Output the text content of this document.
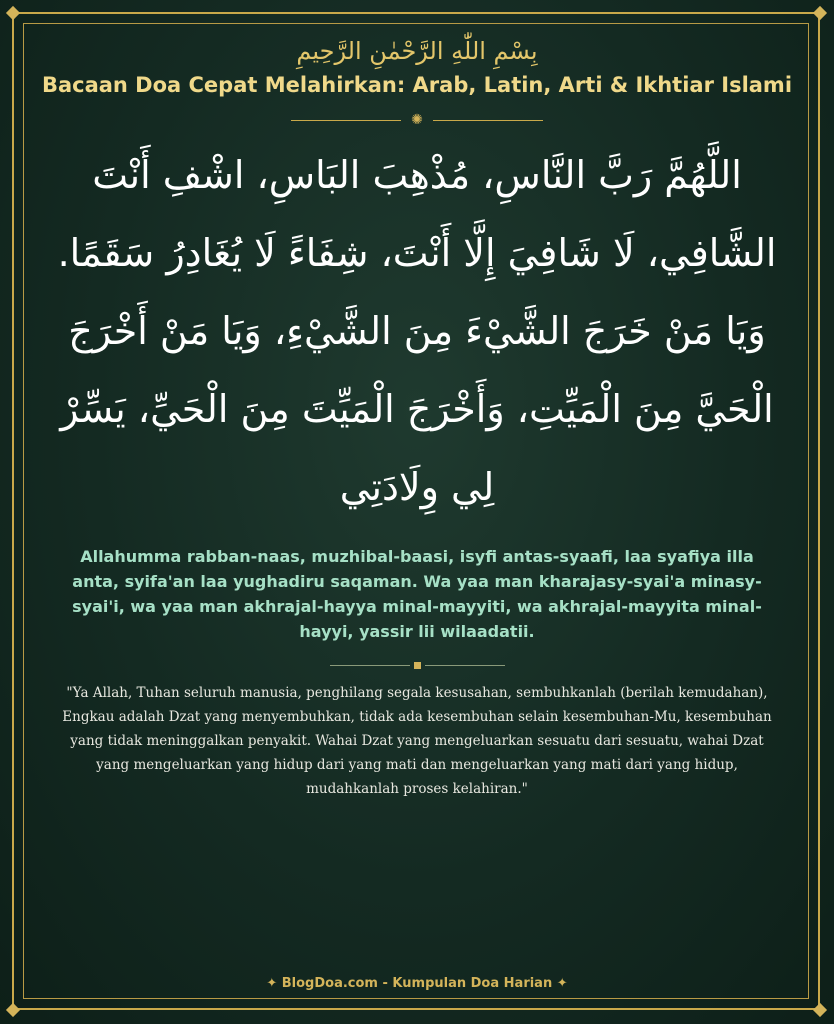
بِسْمِ اللّٰهِ الرَّحْمٰنِ الرَّحِيمِ
Bacaan Doa Cepat Melahirkan: Arab, Latin, Arti & Ikhtiar Islami
✺
اللَّهُمَّ رَبَّ النَّاسِ، مُذْهِبَ البَاسِ، اشْفِ أَنْتَ الشَّافِي، لَا شَافِيَ إِلَّا أَنْتَ، شِفَاءً لَا يُغَادِرُ سَقَمًا. وَيَا مَنْ خَرَجَ الشَّيْءَ مِنَ الشَّيْءِ، وَيَا مَنْ أَخْرَجَ الْحَيَّ مِنَ الْمَيِّتِ، وَأَخْرَجَ الْمَيِّتَ مِنَ الْحَيِّ، يَسِّرْ لِي وِلَادَتِي
Allahumma rabban-naas, muzhibal-baasi, isyfi antas-syaafi, laa syafiya illa anta, syifa'an laa yughadiru saqaman. Wa yaa man kharajasy-syai'a minasy-syai'i, wa yaa man akhrajal-hayya minal-mayyiti, wa akhrajal-mayyita minal-hayyi, yassir lii wilaadatii.
"Ya Allah, Tuhan seluruh manusia, penghilang segala kesusahan, sembuhkanlah (berilah kemudahan), Engkau adalah Dzat yang menyembuhkan, tidak ada kesembuhan selain kesembuhan-Mu, kesembuhan yang tidak meninggalkan penyakit. Wahai Dzat yang mengeluarkan sesuatu dari sesuatu, wahai Dzat yang mengeluarkan yang hidup dari yang mati dan mengeluarkan yang mati dari yang hidup, mudahkanlah proses kelahiran."
✦ BlogDoa.com - Kumpulan Doa Harian ✦
